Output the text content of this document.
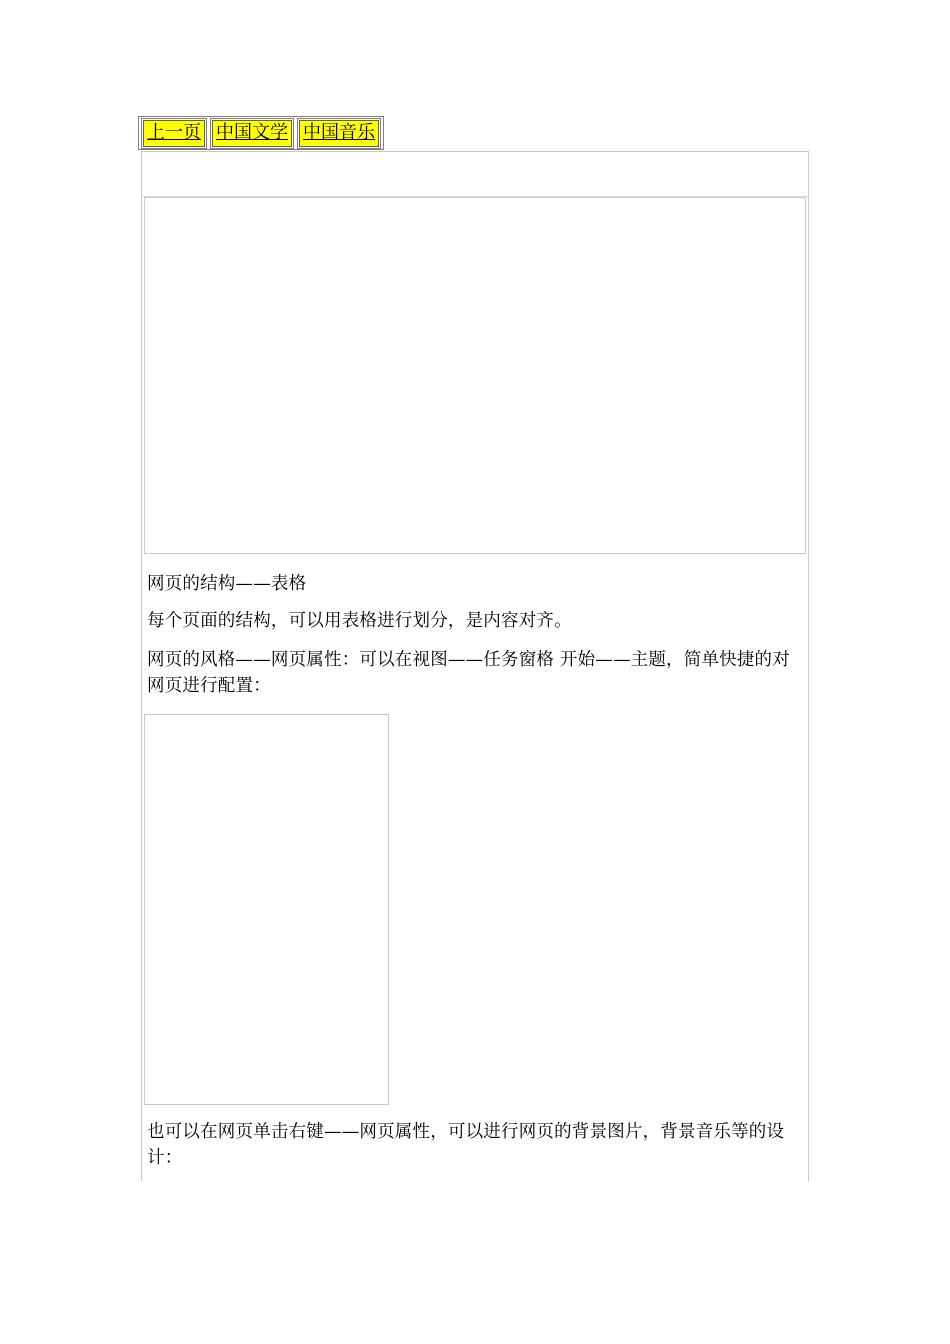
上一页 中国文学 中国音乐

网页的结构——表格

每个页面的结构，可以用表格进行划分，是内容对齐。

网页的风格——网页属性：可以在视图——任务窗格 开始——主题，简单快捷的对网页进行配置：

也可以在网页单击右键——网页属性，可以进行网页的背景图片，背景音乐等的设计：
